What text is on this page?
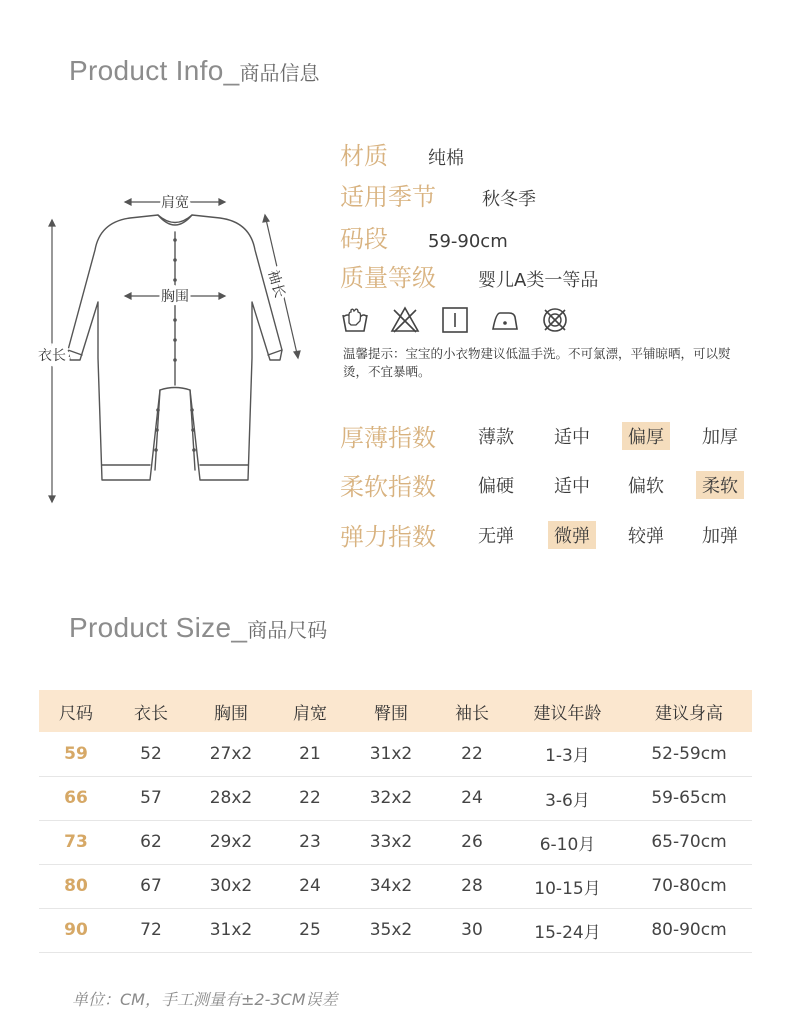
Product Info_商品信息
肩宽
胸围	袖长
衣长
材质	纯棉
适用季节	秋冬季
码段	59-90cm
质量等级	婴儿A类一等品
温馨提示：宝宝的小衣物建议低温手洗。不可氯漂，平铺晾晒，可以熨烫，不宜暴晒。
厚薄指数	薄款	适中	偏厚	加厚
柔软指数	偏硬	适中	偏软	柔软
弹力指数	无弹	微弹	较弹	加弹
Product Size_商品尺码
尺码	衣长	胸围	肩宽	臀围	袖长	建议年龄	建议身高
59	52	27x2	21	31x2	22	1-3月	52-59cm
66	57	28x2	22	32x2	24	3-6月	59-65cm
73	62	29x2	23	33x2	26	6-10月	65-70cm
80	67	30x2	24	34x2	28	10-15月	70-80cm
90	72	31x2	25	35x2	30	15-24月	80-90cm
单位：CM，手工测量有±2-3CM误差
